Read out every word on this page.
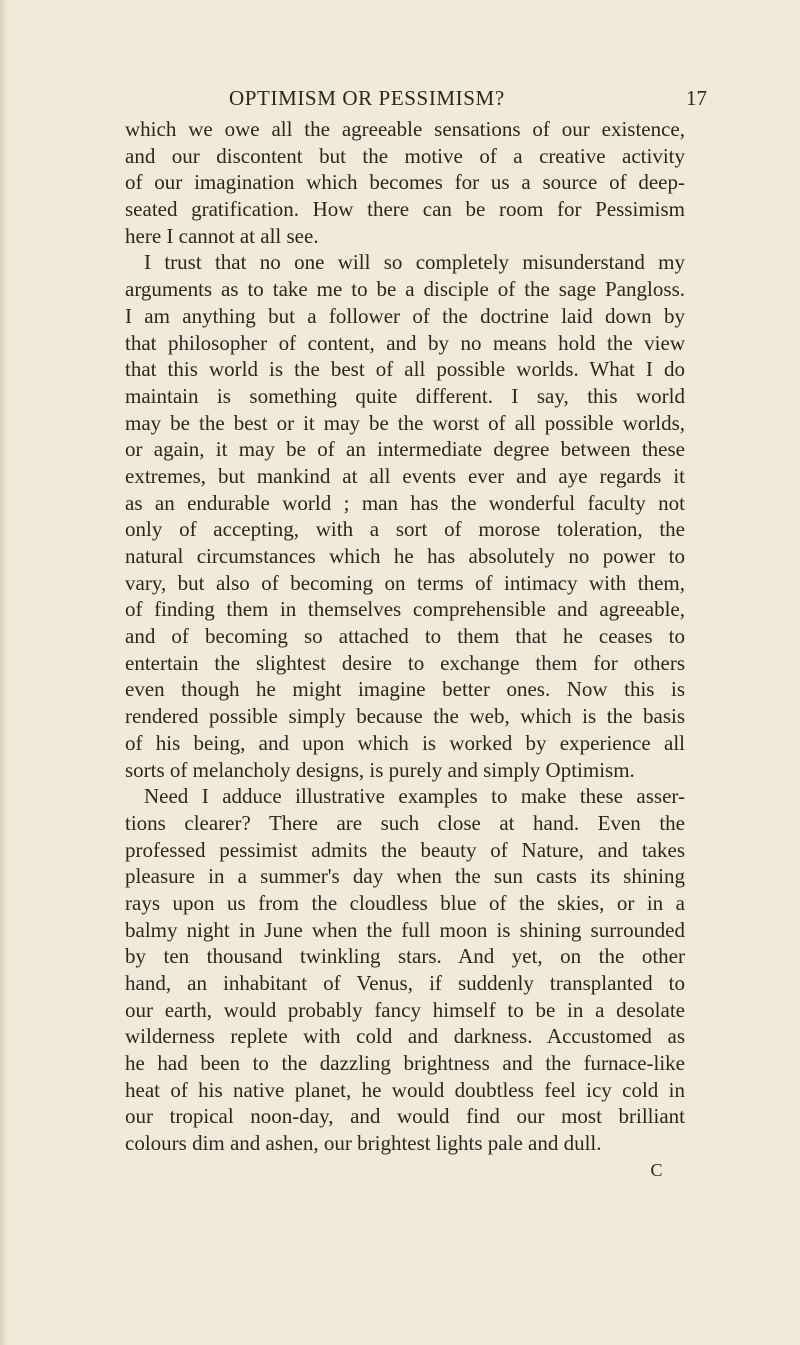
OPTIMISM OR PESSIMISM?	17
which we owe all the agreeable sensations of our existence,
and our discontent but the motive of a creative activity
of our imagination which becomes for us a source of deep-
seated gratification. How there can be room for Pessimism
here I cannot at all see.
I trust that no one will so completely misunderstand my
arguments as to take me to be a disciple of the sage Pangloss.
I am anything but a follower of the doctrine laid down by
that philosopher of content, and by no means hold the view
that this world is the best of all possible worlds. What I do
maintain is something quite different. I say, this world
may be the best or it may be the worst of all possible worlds,
or again, it may be of an intermediate degree between these
extremes, but mankind at all events ever and aye regards it
as an endurable world ; man has the wonderful faculty not
only of accepting, with a sort of morose toleration, the
natural circumstances which he has absolutely no power to
vary, but also of becoming on terms of intimacy with them,
of finding them in themselves comprehensible and agreeable,
and of becoming so attached to them that he ceases to
entertain the slightest desire to exchange them for others
even though he might imagine better ones. Now this is
rendered possible simply because the web, which is the basis
of his being, and upon which is worked by experience all
sorts of melancholy designs, is purely and simply Optimism.
Need I adduce illustrative examples to make these asser-
tions clearer? There are such close at hand. Even the
professed pessimist admits the beauty of Nature, and takes
pleasure in a summer's day when the sun casts its shining
rays upon us from the cloudless blue of the skies, or in a
balmy night in June when the full moon is shining surrounded
by ten thousand twinkling stars. And yet, on the other
hand, an inhabitant of Venus, if suddenly transplanted to
our earth, would probably fancy himself to be in a desolate
wilderness replete with cold and darkness. Accustomed as
he had been to the dazzling brightness and the furnace-like
heat of his native planet, he would doubtless feel icy cold in
our tropical noon-day, and would find our most brilliant
colours dim and ashen, our brightest lights pale and dull.
C
